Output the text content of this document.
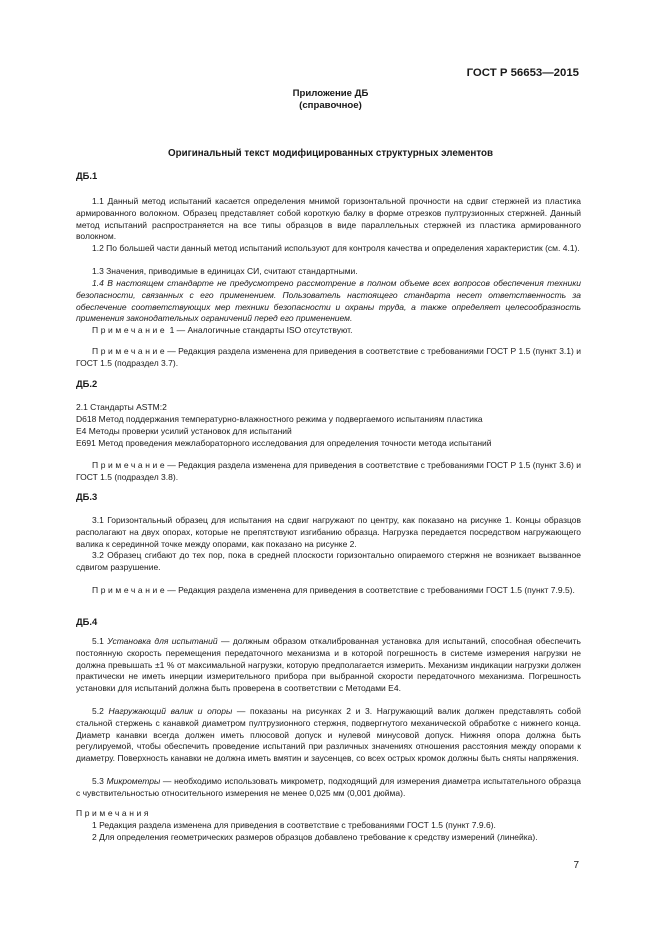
ГОСТ Р 56653—2015
Приложение ДБ
(справочное)
Оригинальный текст модифицированных структурных элементов
ДБ.1
1.1 Данный метод испытаний касается определения мнимой горизонтальной прочности на сдвиг стержней из пластика армированного волокном. Образец представляет собой короткую балку в форме отрезков пултрузионных стержней. Данный метод испытаний распространяется на все типы образцов в виде параллельных стержней из пластика армированного волокном.
1.2 По большей части данный метод испытаний используют для контроля качества и определения характеристик (см. 4.1).
1.3 Значения, приводимые в единицах СИ, считают стандартными.
1.4 В настоящем стандарте не предусмотрено рассмотрение в полном объеме всех вопросов обеспечения техники безопасности, связанных с его применением. Пользователь настоящего стандарта несет ответственность за обеспечение соответствующих мер техники безопасности и охраны труда, а также определяет целесообразность применения законодательных ограничений перед его применением.
Примечание 1 — Аналогичные стандарты ISO отсутствуют.
Примечание— Редакция раздела изменена для приведения в соответствие с требованиями ГОСТ Р 1.5 (пункт 3.1) и ГОСТ 1.5 (подраздел 3.7).
ДБ.2
2.1 Стандарты ASTM:2
D618 Метод поддержания температурно-влажностного режима у подвергаемого испытаниям пластика
E4 Методы проверки усилий установок для испытаний
E691 Метод проведения межлабораторного исследования для определения точности метода испытаний
Примечание— Редакция раздела изменена для приведения в соответствие с требованиями ГОСТ Р 1.5 (пункт 3.6) и ГОСТ 1.5 (подраздел 3.8).
ДБ.3
3.1 Горизонтальный образец для испытания на сдвиг нагружают по центру, как показано на рисунке 1. Концы образцов располагают на двух опорах, которые не препятствуют изгибанию образца. Нагрузка передается посредством нагружающего валика к серединной точке между опорами, как показано на рисунке 2.
3.2 Образец сгибают до тех пор, пока в средней плоскости горизонтально опираемого стержня не возникает вызванное сдвигом разрушение.
Примечание— Редакция раздела изменена для приведения в соответствие с требованиями ГОСТ 1.5 (пункт 7.9.5).
ДБ.4
5.1 Установка для испытаний — должным образом откалиброванная установка для испытаний, способная обеспечить постоянную скорость перемещения передаточного механизма и в которой погрешность в системе измерения нагрузки не должна превышать ±1 % от максимальной нагрузки, которую предполагается измерить. Механизм индикации нагрузки должен практически не иметь инерции измерительного прибора при выбранной скорости передаточного механизма. Погрешность установки для испытаний должна быть проверена в соответствии с Методами E4.
5.2 Нагружающий валик и опоры — показаны на рисунках 2 и 3. Нагружающий валик должен представлять собой стальной стержень с канавкой диаметром пултрузионного стержня, подвергнутого механической обработке с нижнего конца. Диаметр канавки всегда должен иметь плюсовой допуск и нулевой минусовой допуск. Нижняя опора должна быть регулируемой, чтобы обеспечить проведение испытаний при различных значениях отношения расстояния между опорами к диаметру. Поверхность канавки не должна иметь вмятин и заусенцев, со всех острых кромок должны быть сняты напряжения.
5.3 Микрометры — необходимо использовать микрометр, подходящий для измерения диаметра испытательного образца с чувствительностью относительного измерения не менее 0,025 мм (0,001 дюйма).
Примечания
1 Редакция раздела изменена для приведения в соответствие с требованиями ГОСТ 1.5 (пункт 7.9.6).
2 Для определения геометрических размеров образцов добавлено требование к средству измерений (линейка).
7
